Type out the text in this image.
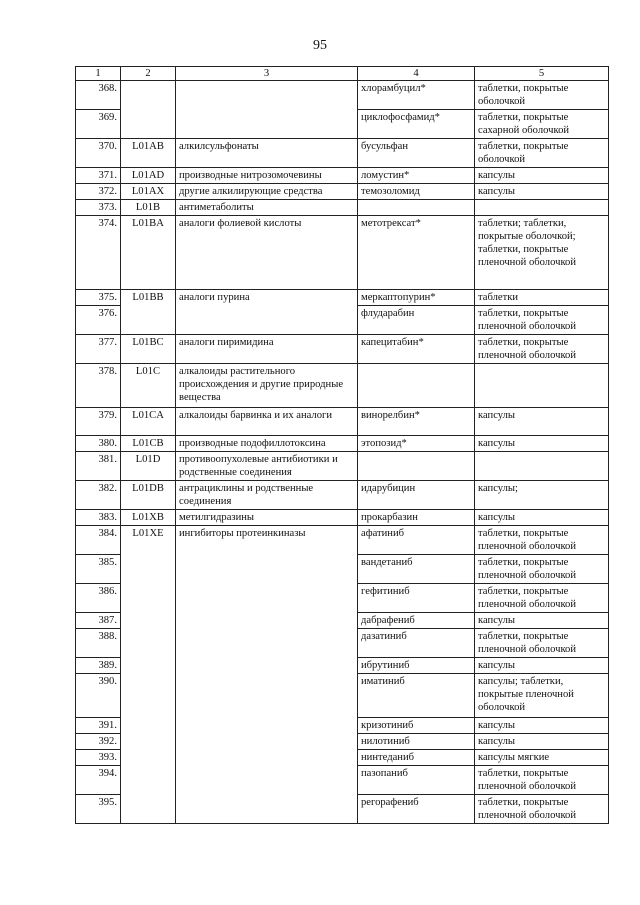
95
1	2	3	4	5
368.			хлорамбуцил*	таблетки, покрытые оболочкой
369.			циклофосфамид*	таблетки, покрытые сахарной оболочкой
370.	L01AB	алкилсульфонаты	бусульфан	таблетки, покрытые оболочкой
371.	L01AD	производные нитрозомочевины	ломустин*	капсулы
372.	L01AX	другие алкилирующие средства	темозоломид	капсулы
373.	L01B	антиметаболиты		
374.	L01BA	аналоги фолиевой кислоты	метотрексат*	таблетки; таблетки, покрытые оболочкой; таблетки, покрытые пленочной оболочкой
375.	L01BB	аналоги пурина	меркаптопурин*	таблетки
376.			флударабин	таблетки, покрытые пленочной оболочкой
377.	L01BC	аналоги пиримидина	капецитабин*	таблетки, покрытые пленочной оболочкой
378.	L01C	алкалоиды растительного происхождения и другие природные вещества		
379.	L01CA	алкалоиды барвинка и их аналоги	винорелбин*	капсулы
380.	L01CB	производные подофиллотоксина	этопозид*	капсулы
381.	L01D	противоопухолевые антибиотики и родственные соединения		
382.	L01DB	антрациклины и родственные соединения	идарубицин	капсулы;
383.	L01XB	метилгидразины	прокарбазин	капсулы
384.	L01XE	ингибиторы протеинкиназы	афатиниб	таблетки, покрытые пленочной оболочкой
385.			вандетаниб	таблетки, покрытые пленочной оболочкой
386.			гефитиниб	таблетки, покрытые пленочной оболочкой
387.			дабрафениб	капсулы
388.			дазатиниб	таблетки, покрытые пленочной оболочкой
389.			ибрутиниб	капсулы
390.			иматиниб	капсулы; таблетки, покрытые пленочной оболочкой
391.			кризотиниб	капсулы
392.			нилотиниб	капсулы
393.			нинтеданиб	капсулы мягкие
394.			пазопаниб	таблетки, покрытые пленочной оболочкой
395.			регорафениб	таблетки, покрытые пленочной оболочкой
